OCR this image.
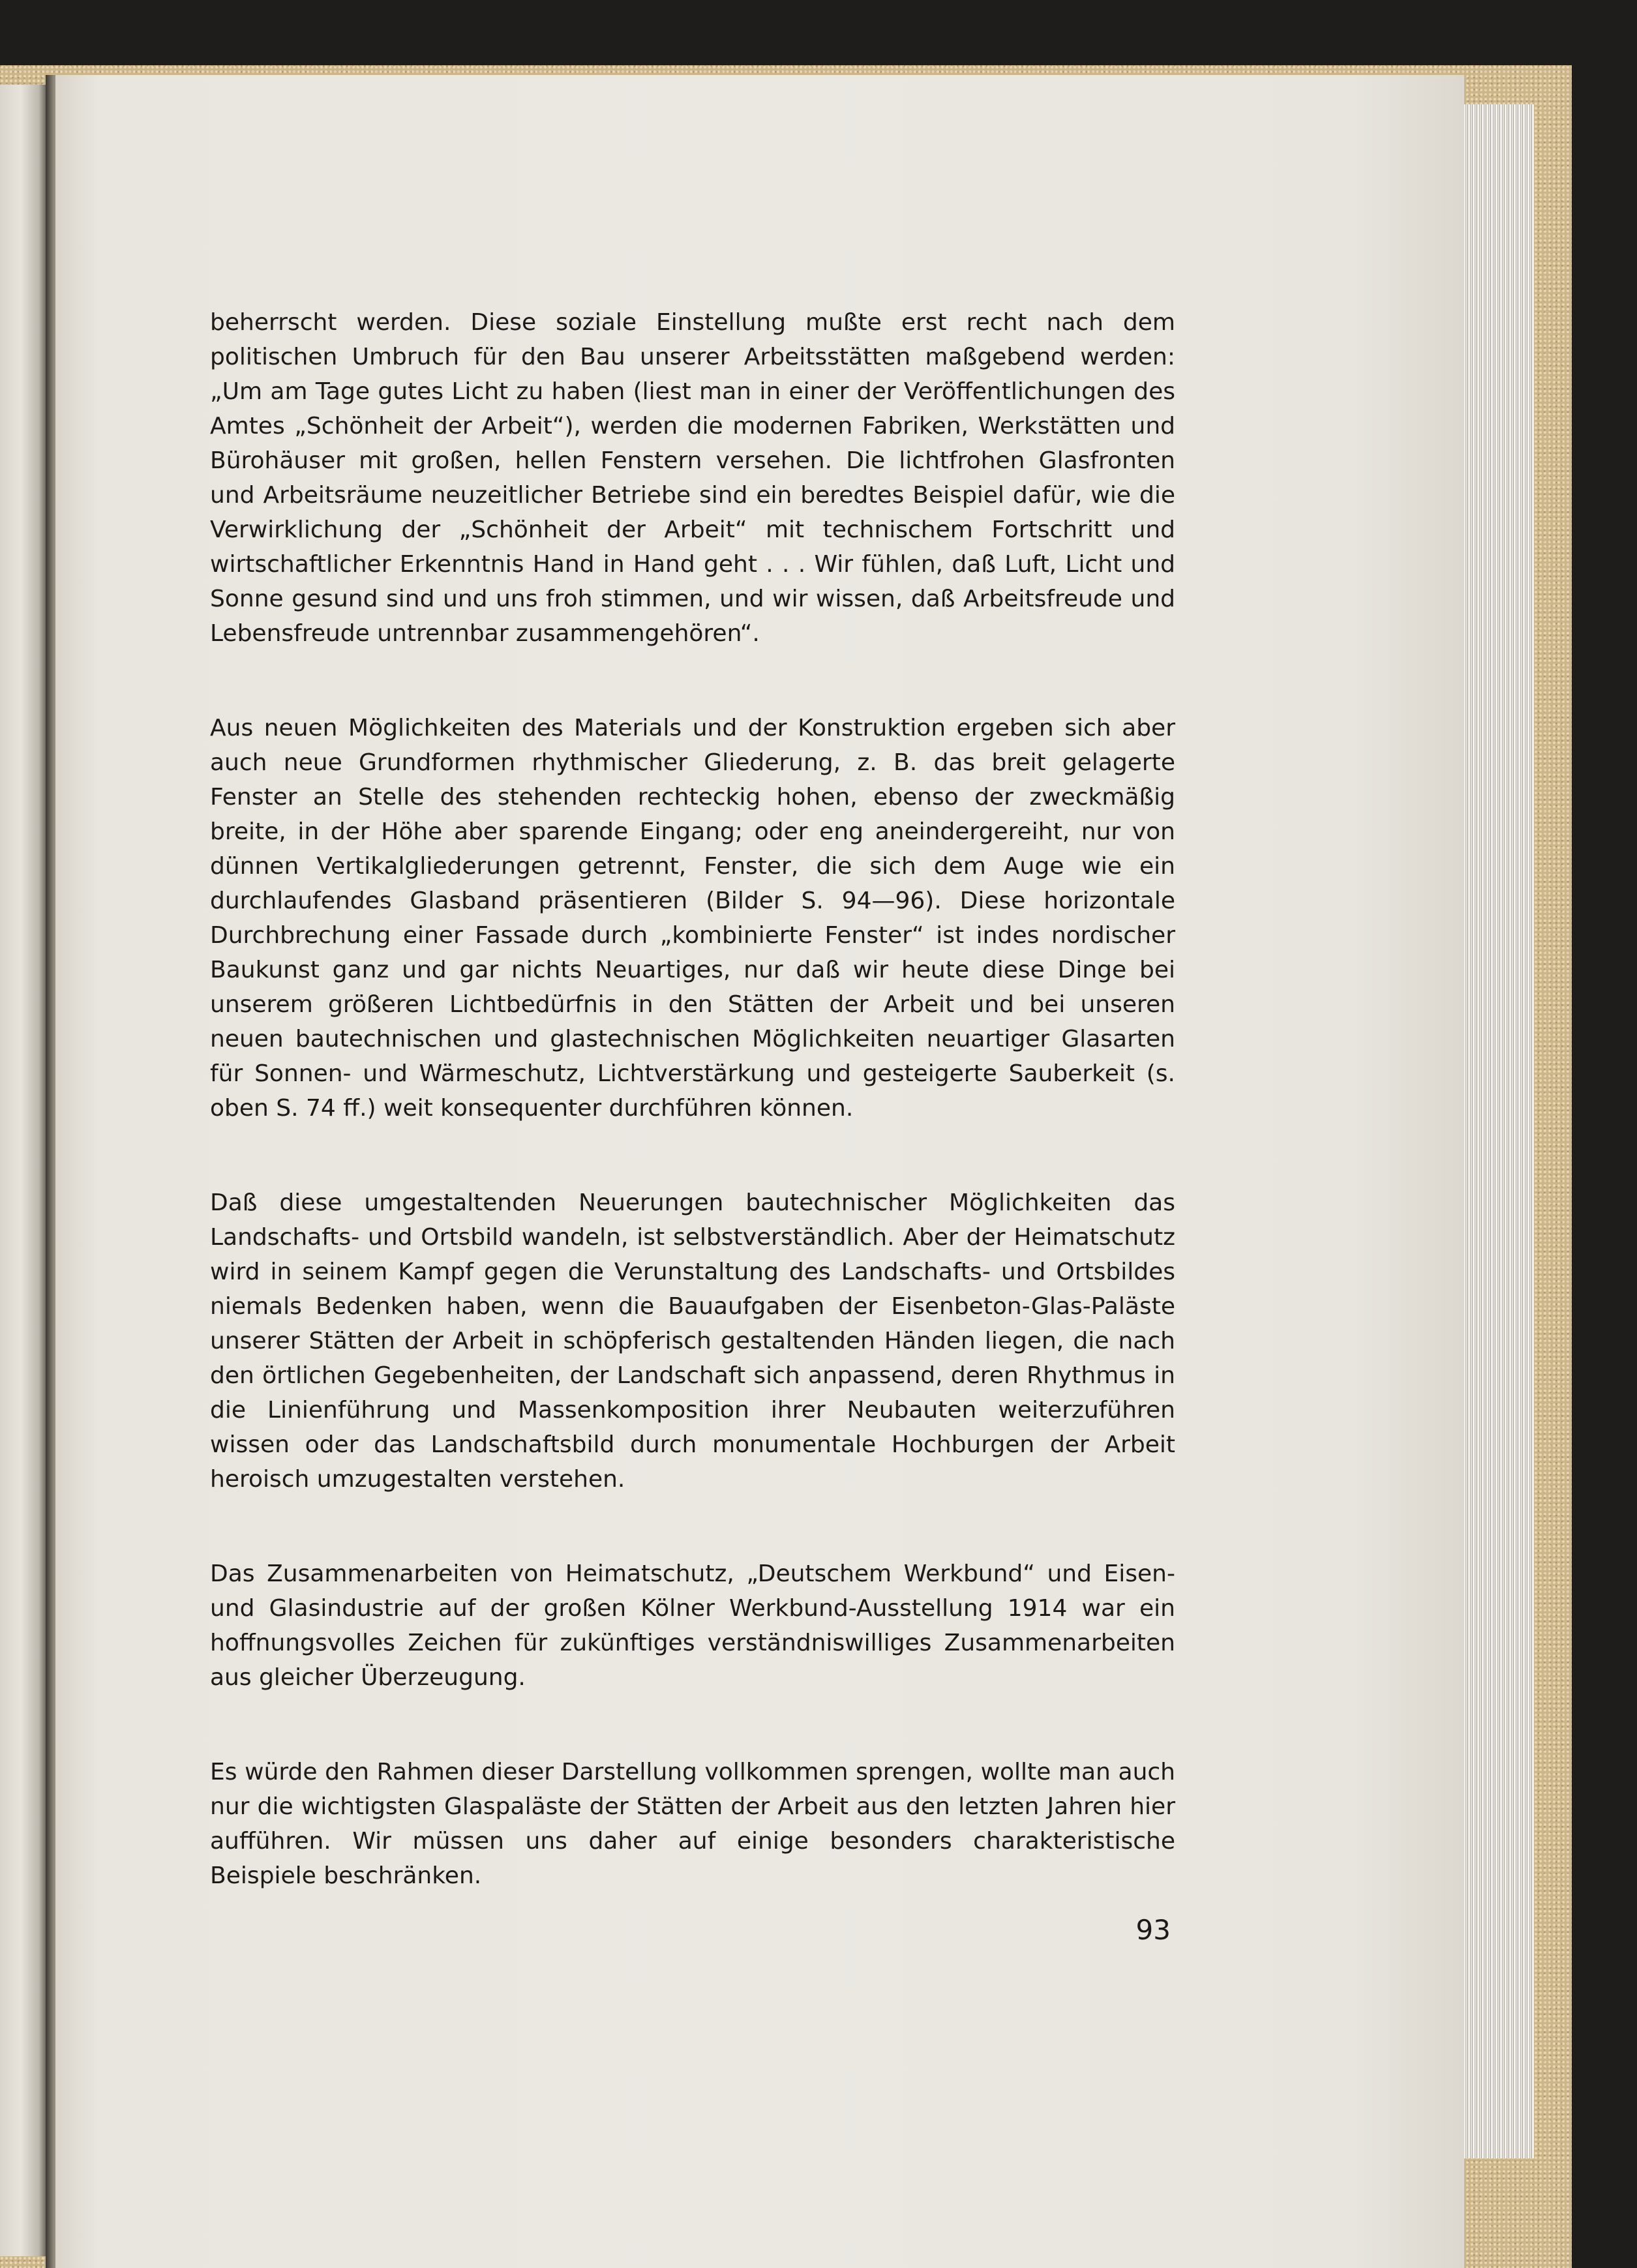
beherrscht werden. Diese soziale Einstellung mußte erst recht nach dem politischen Umbruch für den Bau unserer Arbeitsstätten maßgebend werden: „Um am Tage gutes Licht zu haben (liest man in einer der Veröffentlichungen des Amtes „Schönheit der Arbeit“), werden die modernen Fabriken, Werkstätten und Bürohäuser mit großen, hellen Fenstern versehen. Die lichtfrohen Glasfronten und Arbeitsräume neuzeitlicher Betriebe sind ein beredtes Beispiel dafür, wie die Verwirklichung der „Schönheit der Arbeit“ mit technischem Fortschritt und wirtschaftlicher Erkenntnis Hand in Hand geht . . . Wir fühlen, daß Luft, Licht und Sonne gesund sind und uns froh stimmen, und wir wissen, daß Arbeitsfreude und Lebensfreude untrennbar zusammengehören“.

Aus neuen Möglichkeiten des Materials und der Konstruktion ergeben sich aber auch neue Grundformen rhythmischer Gliederung, z. B. das breit gelagerte Fenster an Stelle des stehenden rechteckig hohen, ebenso der zweckmäßig breite, in der Höhe aber sparende Eingang; oder eng aneindergereiht, nur von dünnen Vertikalgliederungen getrennt, Fenster, die sich dem Auge wie ein durchlaufendes Glasband präsentieren (Bilder S. 94—96). Diese horizontale Durchbrechung einer Fassade durch „kombinierte Fenster“ ist indes nordischer Baukunst ganz und gar nichts Neuartiges, nur daß wir heute diese Dinge bei unserem größeren Lichtbedürfnis in den Stätten der Arbeit und bei unseren neuen bautechnischen und glastechnischen Möglichkeiten neuartiger Glasarten für Sonnen- und Wärmeschutz, Lichtverstärkung und gesteigerte Sauberkeit (s. oben S. 74 ff.) weit konsequenter durchführen können.

Daß diese umgestaltenden Neuerungen bautechnischer Möglichkeiten das Landschafts- und Ortsbild wandeln, ist selbstverständlich. Aber der Heimatschutz wird in seinem Kampf gegen die Verunstaltung des Landschafts- und Ortsbildes niemals Bedenken haben, wenn die Bauaufgaben der Eisenbeton-Glas-Paläste unserer Stätten der Arbeit in schöpferisch gestaltenden Händen liegen, die nach den örtlichen Gegebenheiten, der Landschaft sich anpassend, deren Rhythmus in die Linienführung und Massenkomposition ihrer Neubauten weiterzuführen wissen oder das Landschaftsbild durch monumentale Hochburgen der Arbeit heroisch umzugestalten verstehen.

Das Zusammenarbeiten von Heimatschutz, „Deutschem Werkbund“ und Eisen- und Glasindustrie auf der großen Kölner Werkbund-Ausstellung 1914 war ein hoffnungsvolles Zeichen für zukünftiges verständniswilliges Zusammenarbeiten aus gleicher Überzeugung.

Es würde den Rahmen dieser Darstellung vollkommen sprengen, wollte man auch nur die wichtigsten Glaspaläste der Stätten der Arbeit aus den letzten Jahren hier aufführen. Wir müssen uns daher auf einige besonders charakteristische Beispiele beschränken.

93
